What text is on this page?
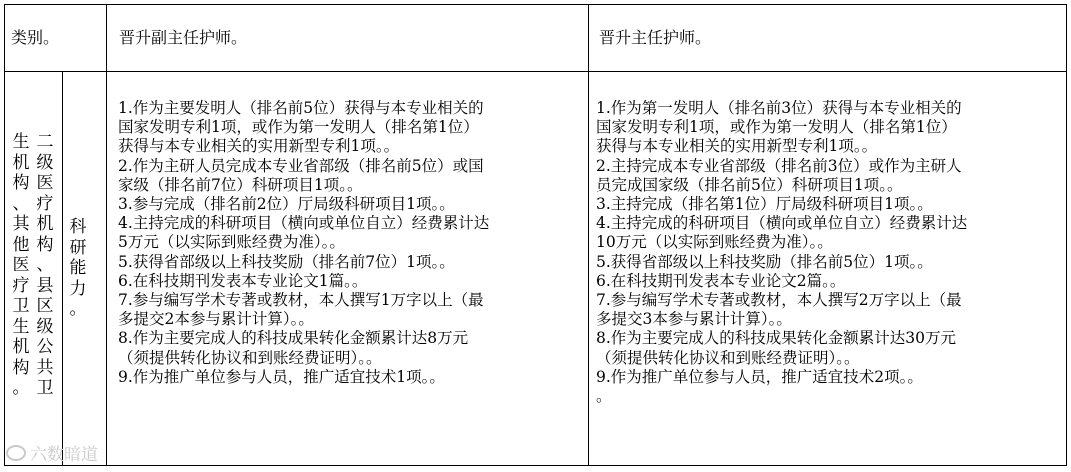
类别。	晋升副主任护师。	晋升主任护师。
二
级
医
疗
机
构
、
县
区
级
公
共
卫
生
机
构
、
其
他
医
疗
卫
生
机
构
。
科
研
能
力
。

1.作为主要发明人（排名前5位）获得与本专业相关的

国家发明专利1项，或作为第一发明人（排名第1位）

获得与本专业相关的实用新型专利1项。。

2.作为主研人员完成本专业省部级（排名前5位）或国

家级（排名前7位）科研项目1项。。

3.参与完成（排名前2位）厅局级科研项目1项。。

4.主持完成的科研项目（横向或单位自立）经费累计达

5万元（以实际到账经费为准）。。

5.获得省部级以上科技奖励（排名前7位）1项。。

6.在科技期刊发表本专业论文1篇。。

7.参与编写学术专著或教材，本人撰写1万字以上（最

多提交2本参与累计计算）。。

8.作为主要完成人的科技成果转化金额累计达8万元

（须提供转化协议和到账经费证明）。。

9.作为推广单位参与人员，推广适宜技术1项。。

1.作为第一发明人（排名前3位）获得与本专业相关的

国家发明专利1项，或作为第一发明人（排名第1位）

获得与本专业相关的实用新型专利1项。。

2.主持完成本专业省部级（排名前3位）或作为主研人

员完成国家级（排名前5位）科研项目1项。。

3.主持完成（排名第1位）厅局级科研项目1项。。

4.主持完成的科研项目（横向或单位自立）经费累计达

10万元（以实际到账经费为准）。。

5.获得省部级以上科技奖励（排名前5位）1项。。

6.在科技期刊发表本专业论文2篇。。

7.参与编写学术专著或教材，本人撰写2万字以上（最

多提交3本参与累计计算）。。

8.作为主要完成人的科技成果转化金额累计达30万元

（须提供转化协议和到账经费证明）。。

9.作为推广单位参与人员，推广适宜技术2项。。

。

六数暗道
